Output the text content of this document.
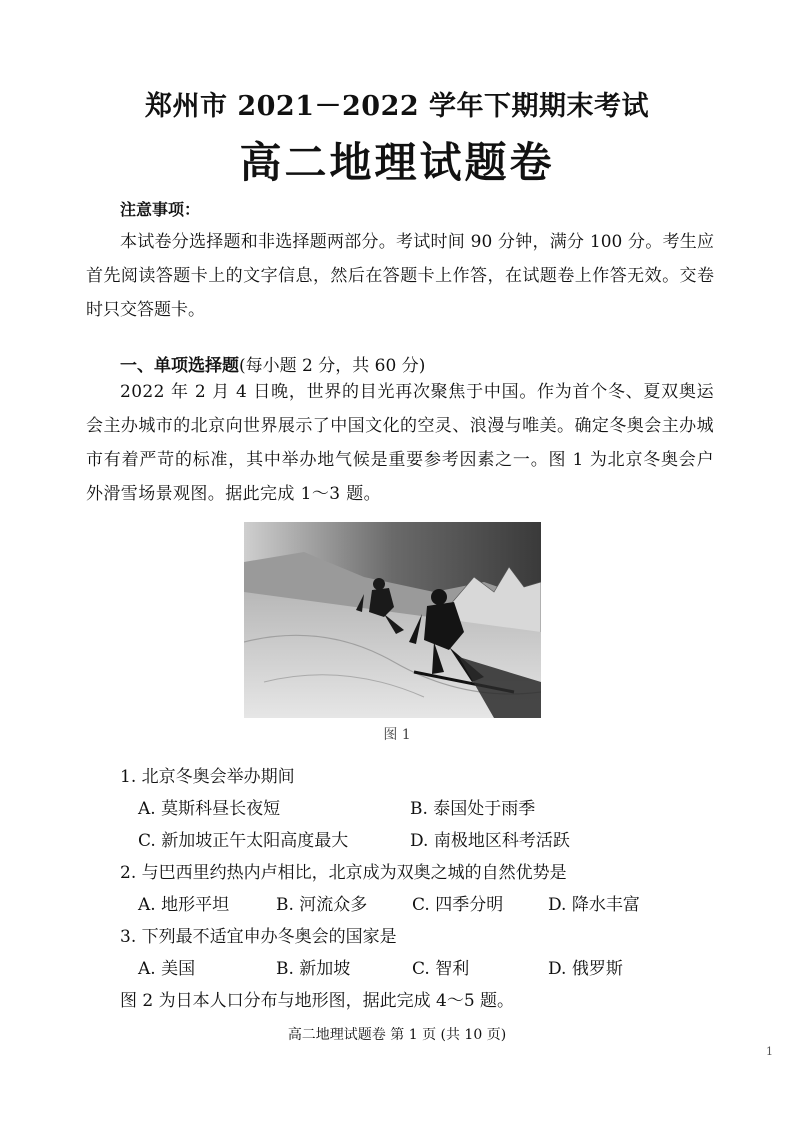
郑州市 2021－2022 学年下期期末考试
高二地理试题卷
注意事项：
本试卷分选择题和非选择题两部分。考试时间 90 分钟，满分 100 分。考生应首先阅读答题卡上的文字信息，然后在答题卡上作答，在试题卷上作答无效。交卷时只交答题卡。
一、单项选择题(每小题 2 分，共 60 分)
2022 年 2 月 4 日晚，世界的目光再次聚焦于中国。作为首个冬、夏双奥运会主办城市的北京向世界展示了中国文化的空灵、浪漫与唯美。确定冬奥会主办城市有着严苛的标准，其中举办地气候是重要参考因素之一。图 1 为北京冬奥会户外滑雪场景观图。据此完成 1～3 题。
图 1
1. 北京冬奥会举办期间
A. 莫斯科昼长夜短	B. 泰国处于雨季
C. 新加坡正午太阳高度最大	D. 南极地区科考活跃
2. 与巴西里约热内卢相比，北京成为双奥之城的自然优势是
A. 地形平坦	B. 河流众多	C. 四季分明	D. 降水丰富
3. 下列最不适宜申办冬奥会的国家是
A. 美国	B. 新加坡	C. 智利	D. 俄罗斯
图 2 为日本人口分布与地形图，据此完成 4～5 题。
高二地理试题卷 第 1 页 (共 10 页)
1
